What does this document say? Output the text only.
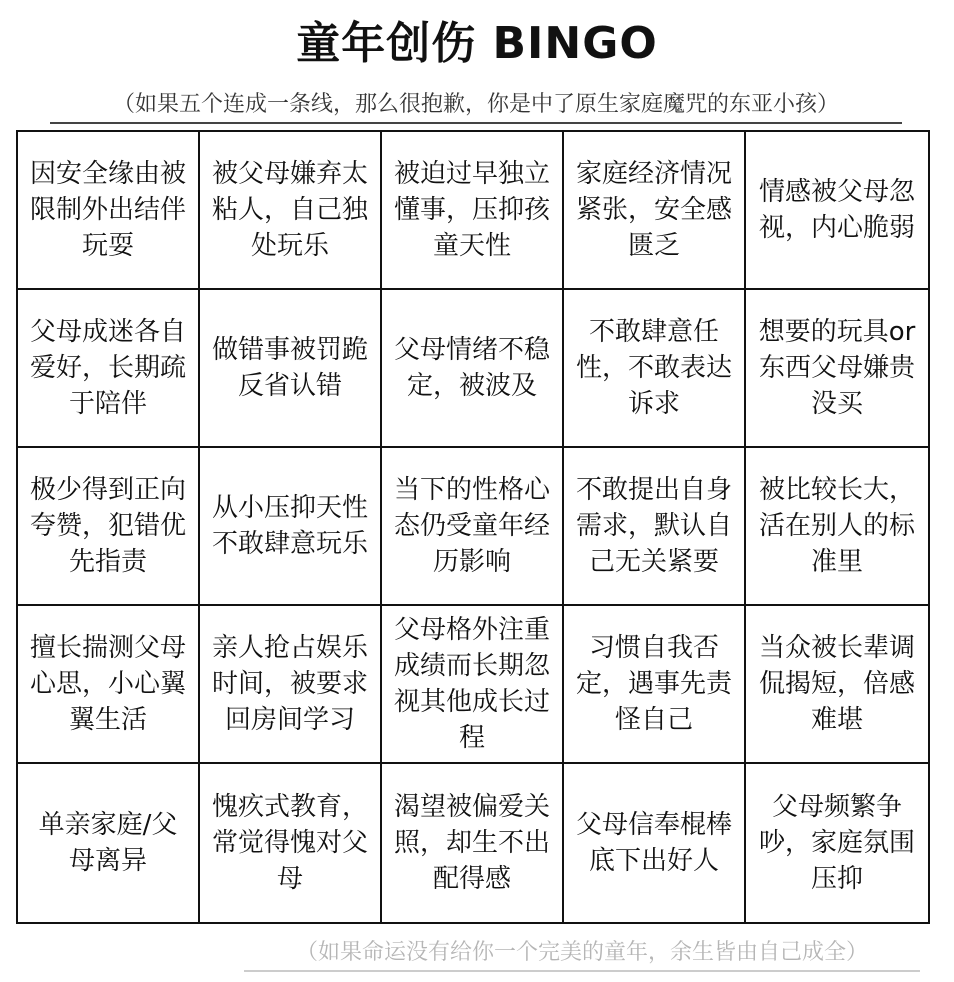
童年创伤 BINGO
（如果五个连成一条线，那么很抱歉，你是中了原生家庭魔咒的东亚小孩）
因安全缘由被限制外出结伴玩耍
被父母嫌弃太粘人，自己独处玩乐
被迫过早独立懂事，压抑孩童天性
家庭经济情况紧张，安全感匮乏
情感被父母忽视，内心脆弱
父母成迷各自爱好，长期疏于陪伴
做错事被罚跪反省认错
父母情绪不稳定，被波及
不敢肆意任性，不敢表达诉求
想要的玩具or东西父母嫌贵没买
极少得到正向夸赞，犯错优先指责
从小压抑天性不敢肆意玩乐
当下的性格心态仍受童年经历影响
不敢提出自身需求，默认自己无关紧要
被比较长大，活在别人的标准里
擅长揣测父母心思，小心翼翼生活
亲人抢占娱乐时间，被要求回房间学习
父母格外注重成绩而长期忽视其他成长过程
习惯自我否定，遇事先责怪自己
当众被长辈调侃揭短，倍感难堪
单亲家庭/父母离异
愧疚式教育，常觉得愧对父母
渴望被偏爱关照，却生不出配得感
父母信奉棍棒底下出好人
父母频繁争吵，家庭氛围压抑
（如果命运没有给你一个完美的童年，余生皆由自己成全）
